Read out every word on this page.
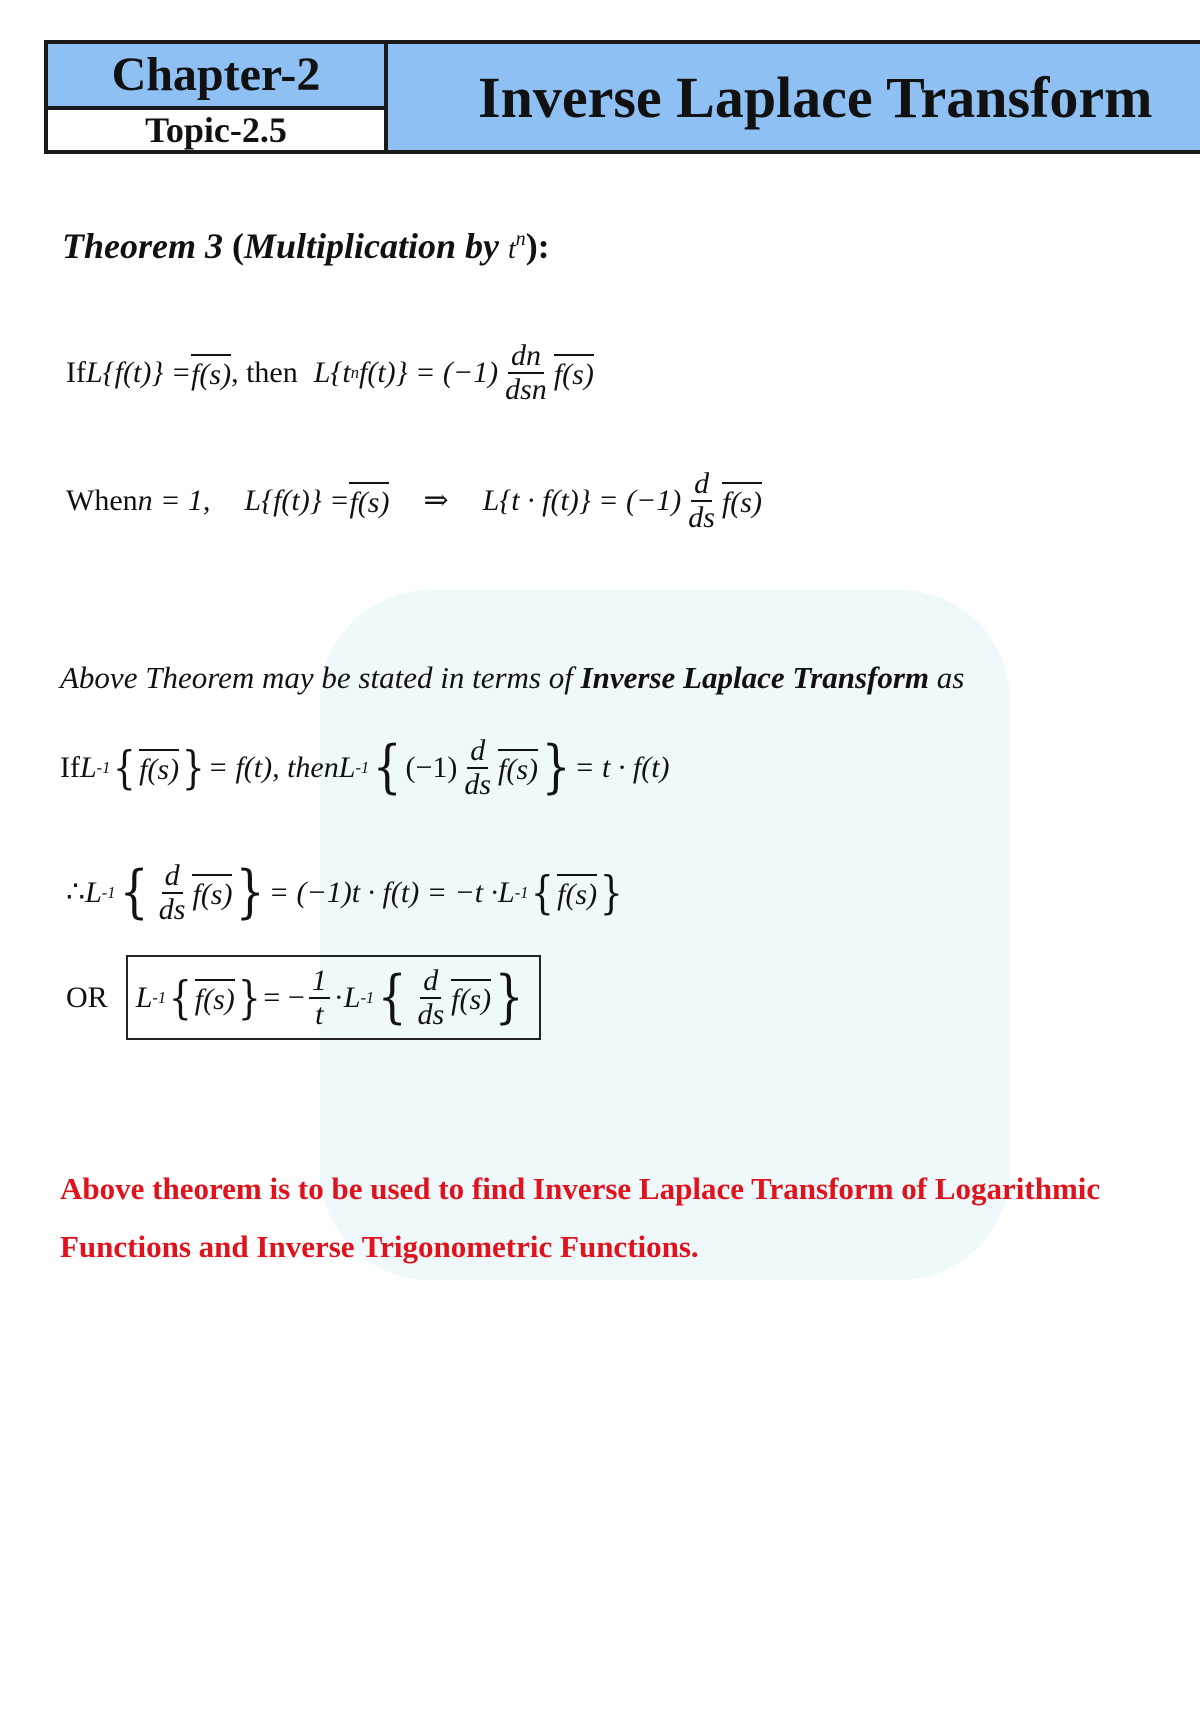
Chapter-2
Topic-2.5
Inverse Laplace Transform
Theorem 3 (Multiplication by $t^n$):
If L{f(t)} = f(s) , then L{t n $f(t)\} = (-1) \frac{dn}{\text{dsn}} f(s)$
When n = 1, L{f(t)} = f(s) ⇒ $L\{t \cdot f(t)\} = (-1) \frac{d}{ds} f(s)$
Above Theorem may be stated in terms of Inverse Laplace Transform as
If L -1 { f(s) } = f(t), then L -1 { $(-1) \frac{d}{ds} f(s)$ } = t · f(t)
∴ L -1 { $\frac{d}{ds} f(s)$ } = (−1)t · f(t) = −t · L -1 { f(s) }
OR L -1 { f(s) } = − $\frac{1}{t} \cdot L$ -1 { $\frac{d}{ds} f(s)$ }
Above theorem is to be used to find Inverse Laplace Transform of Logarithmic
Functions and Inverse Trigonometric Functions.
